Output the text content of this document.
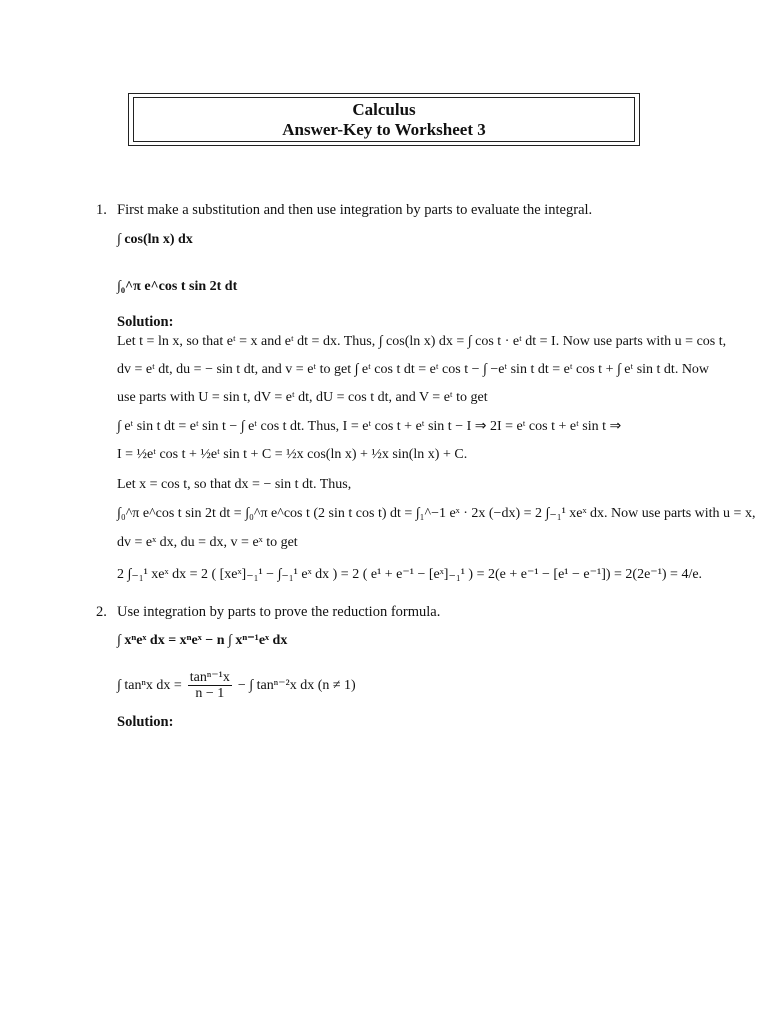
Calculus
Answer-Key to Worksheet 3
1. First make a substitution and then use integration by parts to evaluate the integral.
∫ cos(ln x) dx
∫₀^π e^cos t sin 2t dt
Solution:
Let t = ln x, so that eᵗ = x and eᵗ dt = dx. Thus, ∫ cos(ln x) dx = ∫ cos t · eᵗ dt = I. Now use parts with u = cos t,
dv = eᵗ dt, du = − sin t dt, and v = eᵗ to get ∫ eᵗ cos t dt = eᵗ cos t − ∫ −eᵗ sin t dt = eᵗ cos t + ∫ eᵗ sin t dt. Now
use parts with U = sin t, dV = eᵗ dt, dU = cos t dt, and V = eᵗ to get
∫ eᵗ sin t dt = eᵗ sin t − ∫ eᵗ cos t dt. Thus, I = eᵗ cos t + eᵗ sin t − I ⇒ 2I = eᵗ cos t + eᵗ sin t ⇒
I = ½eᵗ cos t + ½eᵗ sin t + C = ½x cos(ln x) + ½x sin(ln x) + C.
Let x = cos t, so that dx = − sin t dt. Thus,
∫₀^π e^cos t sin 2t dt = ∫₀^π e^cos t (2 sin t cos t) dt = ∫₁^−1 eˣ · 2x (−dx) = 2 ∫₋₁¹ xeˣ dx. Now use parts with u = x,
dv = eˣ dx, du = dx, v = eˣ to get
2 ∫₋₁¹ xeˣ dx = 2 ( [xeˣ]₋₁¹ − ∫₋₁¹ eˣ dx ) = 2 ( e¹ + e⁻¹ − [eˣ]₋₁¹ ) = 2(e + e⁻¹ − [e¹ − e⁻¹]) = 2(2e⁻¹) = 4/e.
2. Use integration by parts to prove the reduction formula.
∫ xⁿeˣ dx = xⁿeˣ − n ∫ xⁿ⁻¹eˣ dx
∫ tanⁿx dx = $\frac{\text{tanⁿ⁻¹x}}{n - 1}$ − ∫ tanⁿ⁻²x dx (n ≠ 1)
Solution:
